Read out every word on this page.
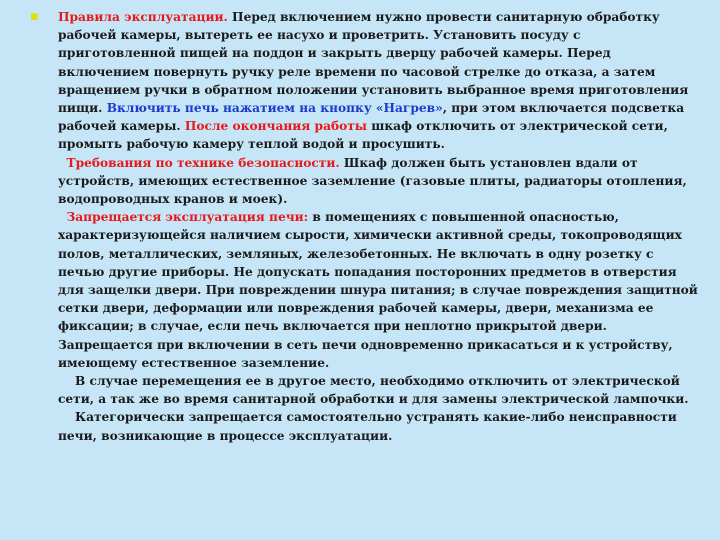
▪ Правила эксплуатации. Перед включением нужно провести санитарную обработку рабочей камеры, вытереть ее насухо и проветрить. Установить посуду с приготовленной пищей на поддон и закрыть дверцу рабочей камеры. Перед включением повернуть ручку реле времени по часовой стрелке до отказа, а затем вращением ручки в обратном положении установить выбранное время приготовления пищи. Включить печь нажатием на кнопку «Нагрев», при этом включается подсветка рабочей камеры. После окончания работы шкаф отключить от электрической сети, промыть рабочую камеру теплой водой и просушить.

Требования по технике безопасности. Шкаф должен быть установлен вдали от устройств, имеющих естественное заземление (газовые плиты, радиаторы отопления, водопроводных кранов и моек).

Запрещается эксплуатация печи: в помещениях с повышенной опасностью, характеризующейся наличием сырости, химически активной среды, токопроводящих полов, металлических, земляных, железобетонных. Не включать в одну розетку с печью другие приборы. Не допускать попадания посторонних предметов в отверстия для защелки двери. При повреждении шнура питания; в случае повреждения защитной сетки двери, деформации или повреждения рабочей камеры, двери, механизма ее фиксации; в случае, если печь включается при неплотно прикрытой двери.

Запрещается при включении в сеть печи одновременно прикасаться и к устройству, имеющему естественное заземление.

В случае перемещения ее в другое место, необходимо отключить от электрической сети, а так же во время санитарной обработки и для замены электрической лампочки.

Категорически запрещается самостоятельно устранять какие-либо неисправности печи, возникающие в процессе эксплуатации.
